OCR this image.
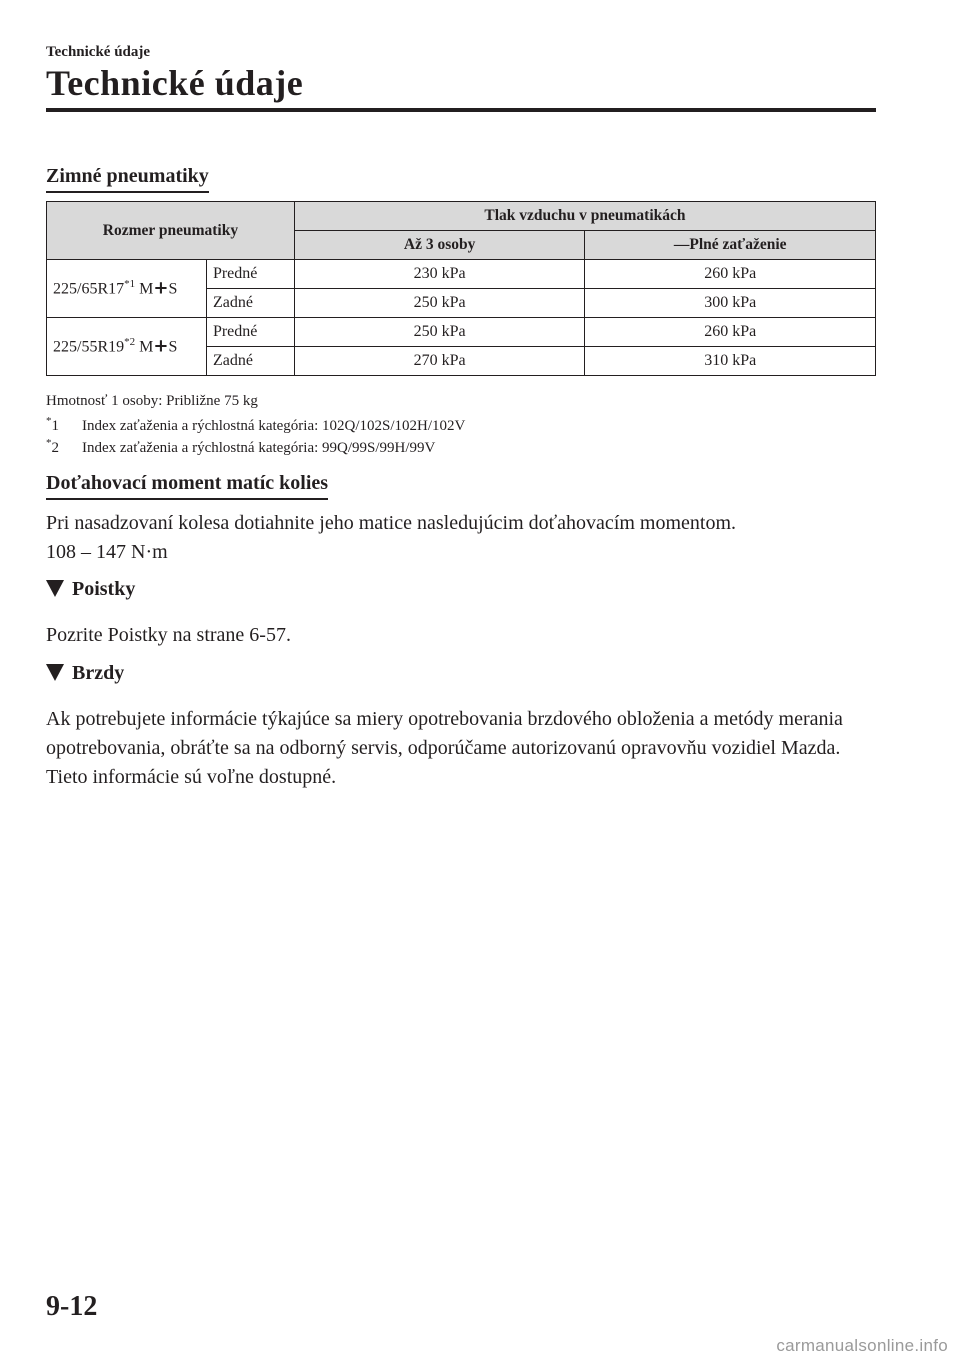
Technické údaje
Technické údaje
Zimné pneumatiky
Rozmer pneumatiky		Tlak vzduchu v pneumatikách	
		Až 3 osoby	—Plné zaťaženie
225/65R17$^{*1}$ M+S	Predné	230 kPa	260 kPa
	Zadné	250 kPa	300 kPa
225/55R19$^{*2}$ M+S	Predné	250 kPa	260 kPa
	Zadné	270 kPa	310 kPa
Hmotnosť 1 osoby: Približne 75 kg
*1 Index zaťaženia a rýchlostná kategória: 102Q/102S/102H/102V
*2 Index zaťaženia a rýchlostná kategória: 99Q/99S/99H/99V
Doťahovací moment matíc kolies
Pri nasadzovaní kolesa dotiahnite jeho matice nasledujúcim doťahovacím momentom.
108 – 147 N·m
Poistky
Pozrite Poistky na strane 6-57.
Brzdy
Ak potrebujete informácie týkajúce sa miery opotrebovania brzdového obloženia a metódy merania opotrebovania, obráťte sa na odborný servis, odporúčame autorizovanú opravovňu vozidiel Mazda. Tieto informácie sú voľne dostupné.
9-12
carmanualsonline.info
